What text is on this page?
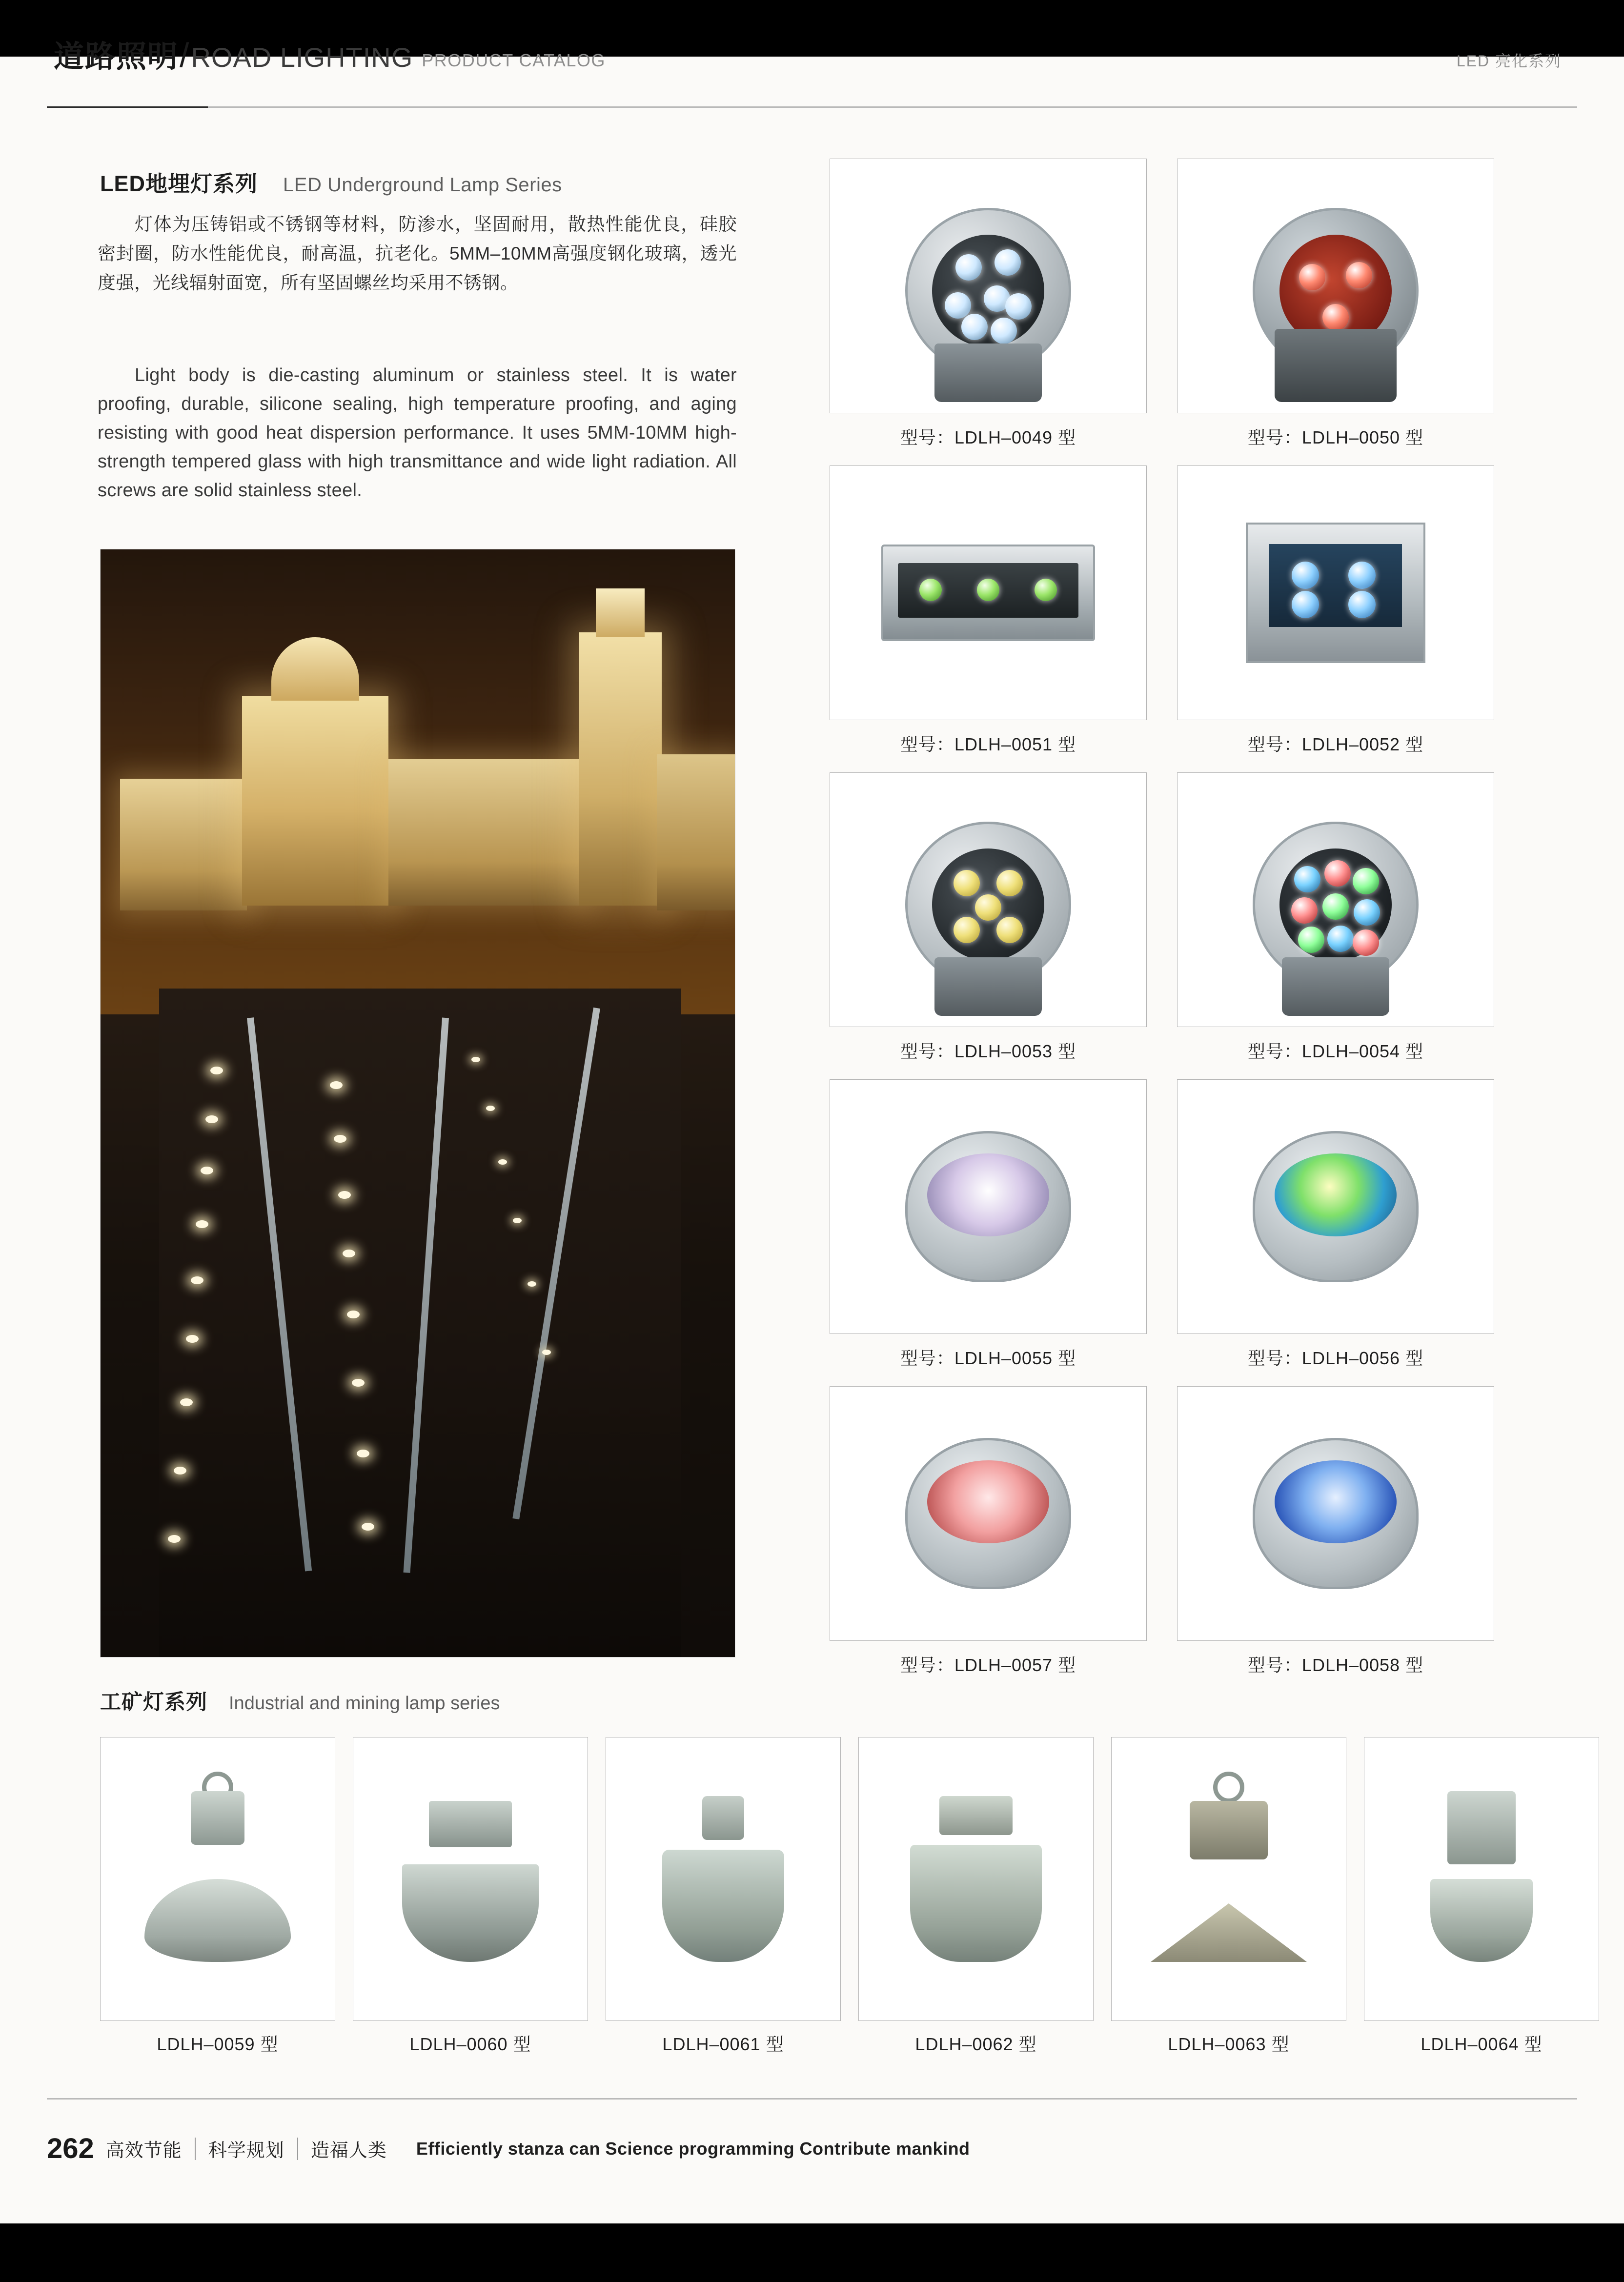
道路照明 / ROAD LIGHTING PRODUCT CATALOG	LED 亮化系列
LED地埋灯系列 LED Underground Lamp Series
灯体为压铸铝或不锈钢等材料，防渗水，坚固耐用，散热性能优良，硅胶密封圈，防水性能优良，耐高温，抗老化。5MM–10MM高强度钢化玻璃，透光度强，光线辐射面宽，所有坚固螺丝均采用不锈钢。
Light body is die-casting aluminum or stainless steel. It is water proofing, durable, silicone sealing, high temperature proofing, and aging resisting with good heat dispersion performance. It uses 5MM-10MM high-strength tempered glass with high transmittance and wide light radiation. All screws are solid stainless steel.
型号：LDLH–0049 型	型号：LDLH–0050 型
型号：LDLH–0051 型	型号：LDLH–0052 型
型号：LDLH–0053 型	型号：LDLH–0054 型
型号：LDLH–0055 型	型号：LDLH–0056 型
型号：LDLH–0057 型	型号：LDLH–0058 型
工矿灯系列 Industrial and mining lamp series
LDLH–0059 型	LDLH–0060 型	LDLH–0061 型	LDLH–0062 型	LDLH–0063 型	LDLH–0064 型
262 高效节能 科学规划 造福人类 Efficiently stanza can Science programming Contribute mankind
